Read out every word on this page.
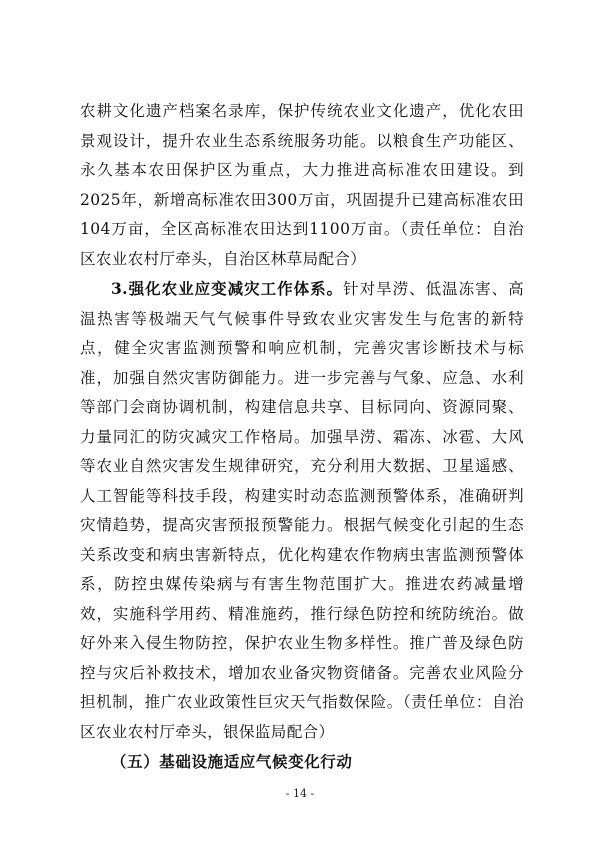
农耕文化遗产档案名录库，保护传统农业文化遗产，优化农田景观设计，提升农业生态系统服务功能。以粮食生产功能区、永久基本农田保护区为重点，大力推进高标准农田建设。到2025年，新增高标准农田300万亩，巩固提升已建高标准农田104万亩，全区高标准农田达到1100万亩。（责任单位：自治区农业农村厅牵头，自治区林草局配合）

3.强化农业应变减灾工作体系。针对旱涝、低温冻害、高温热害等极端天气气候事件导致农业灾害发生与危害的新特点，健全灾害监测预警和响应机制，完善灾害诊断技术与标准，加强自然灾害防御能力。进一步完善与气象、应急、水利等部门会商协调机制，构建信息共享、目标同向、资源同聚、力量同汇的防灾减灾工作格局。加强旱涝、霜冻、冰雹、大风等农业自然灾害发生规律研究，充分利用大数据、卫星遥感、人工智能等科技手段，构建实时动态监测预警体系，准确研判灾情趋势，提高灾害预报预警能力。根据气候变化引起的生态关系改变和病虫害新特点，优化构建农作物病虫害监测预警体系，防控虫媒传染病与有害生物范围扩大。推进农药减量增效，实施科学用药、精准施药，推行绿色防控和统防统治。做好外来入侵生物防控，保护农业生物多样性。推广普及绿色防控与灾后补救技术，增加农业备灾物资储备。完善农业风险分担机制，推广农业政策性巨灾天气指数保险。（责任单位：自治区农业农村厅牵头，银保监局配合）

（五）基础设施适应气候变化行动

- 14 -
